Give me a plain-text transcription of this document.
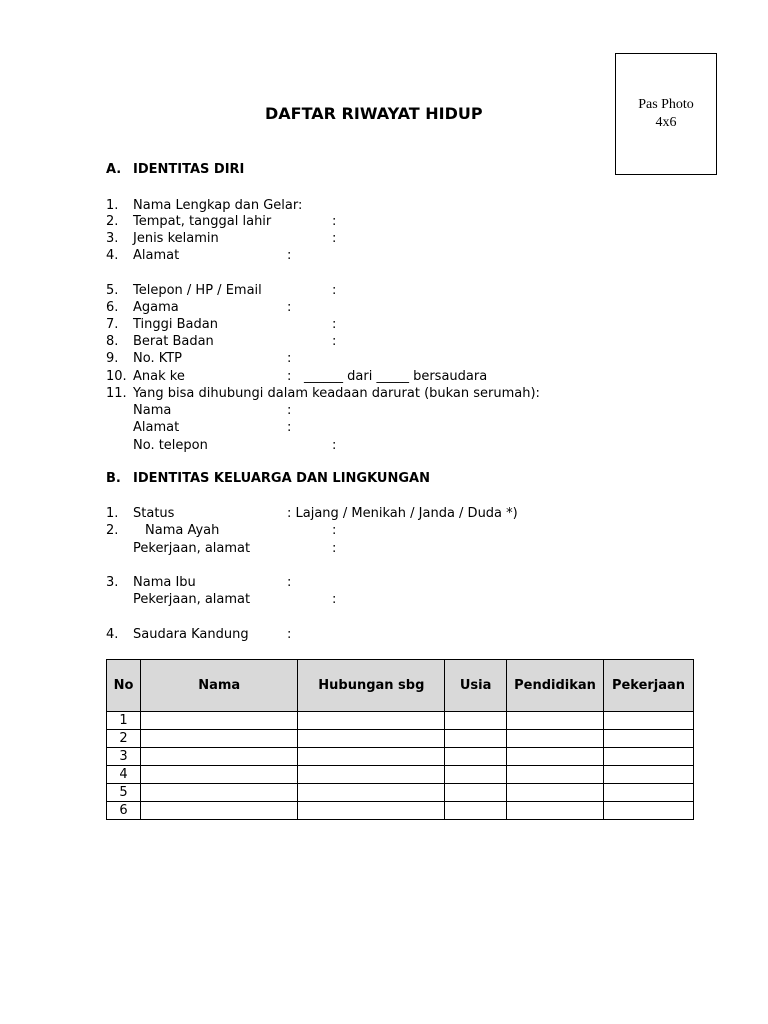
Pas Photo
4x6
DAFTAR RIWAYAT HIDUP
A. IDENTITAS DIRI
1. Nama Lengkap dan Gelar:
2. Tempat, tanggal lahir	:
3. Jenis kelamin	:
4. Alamat	:
5. Telepon / HP / Email	:
6. Agama	:
7. Tinggi Badan	:
8. Berat Badan	:
9. No. KTP	:
10. Anak ke	: ______ dari _____ bersaudara
11. Yang bisa dihubungi dalam keadaan darurat (bukan serumah):
Nama	:
Alamat	:
No. telepon	:
B. IDENTITAS KELUARGA DAN LINGKUNGAN
1. Status	: Lajang / Menikah / Janda / Duda *)
2. Nama Ayah	:
Pekerjaan, alamat	:
3. Nama Ibu	:
Pekerjaan, alamat	:
4. Saudara Kandung	:
No	Nama	Hubungan sbg	Usia	Pendidikan	Pekerjaan
1					
2					
3					
4					
5					
6					
